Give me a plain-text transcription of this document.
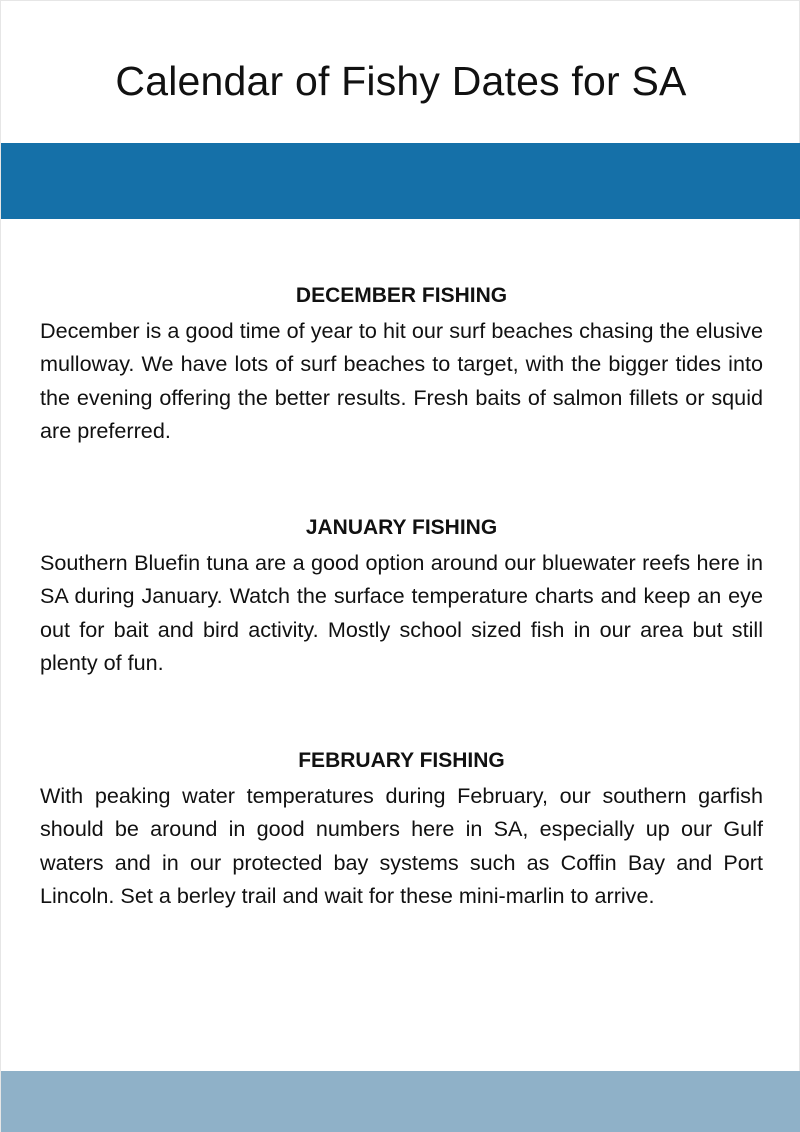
Calendar of Fishy Dates for SA
DECEMBER FISHING

December is a good time of year to hit our surf beaches chasing the elusive mulloway. We have lots of surf beaches to target, with the bigger tides into the evening offering the better results. Fresh baits of salmon fillets or squid are preferred.

JANUARY FISHING

Southern Bluefin tuna are a good option around our bluewater reefs here in SA during January. Watch the surface temperature charts and keep an eye out for bait and bird activity. Mostly school sized fish in our area but still plenty of fun.

FEBRUARY FISHING

With peaking water temperatures during February, our southern garfish should be around in good numbers here in SA, especially up our Gulf waters and in our protected bay systems such as Coffin Bay and Port Lincoln. Set a berley trail and wait for these mini-marlin to arrive.
